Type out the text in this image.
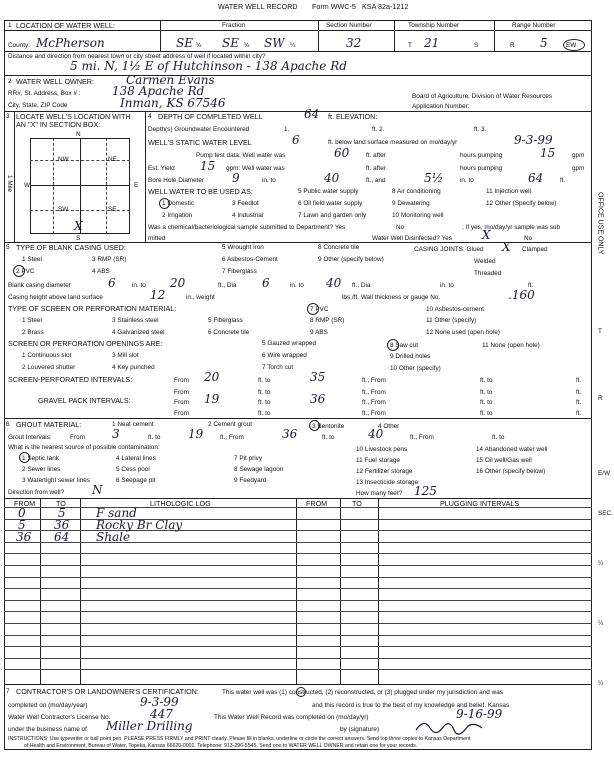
WATER WELL RECORD Form WWC-5 KSA 82a-1212
1 LOCATION OF WATER WELL:	Fraction	Section Number	Township Number	Range Number
County: McPherson	SE ¼ SE ¼ SW ¼	32	T 21	S	R 5	EW
Distance and direction from nearest town or city street address of well if located within city?
5 mi. N, 1½ E of Hutchinson - 138 Apache Rd
2 WATER WELL OWNER:	Carmen Evans
RR#, St. Address, Box # :	138 Apache Rd	Board of Agriculture, Division of Water Resources
City, State, ZIP Code	Inman, KS 67546	Application Number:
3 LOCATE WELL'S LOCATION WITH
AN "X" IN SECTION BOX:
N
NW	NE
SW	SE
W	E
S
1 Mile
X
4 DEPTH OF COMPLETED WELL	64 ft. ELEVATION:
Depth(s) Groundwater Encountered	1.	ft. 2.	ft. 3.
WELL'S STATIC WATER LEVEL	6	ft. below land surface measured on mo/day/yr	9-3-99
Pump test data: Well water was	60	ft. after	hours pumping	15	gpm
Est. Yield 15 gpm: Well water was	ft. after	hours pumping	gpm
Bore Hole Diameter 9	in. to	40	ft., and	5½	in. to	64	ft.
WELL WATER TO BE USED AS:
1 Domestic	3 Feedlot
5 Public water supply	8 Air conditioning	11 Injection well
2 Irrigation	4 Industrial
6 Oil field water supply	9 Dewatering	12 Other (Specify below)
7 Lawn and garden only	10 Monitoring well
Was a chemical/bacteriological sample submitted to Department? Yes	No	; If yes, mo/day/yr sample was sub
mitted	Water Well Disinfected? Yes	X	No
5 TYPE OF BLANK CASING USED:
1 Steel	3 RMP (SR)
5 Wrought iron
6 Asbestos-Cement
8 Concrete tile
9 Other (specify below)
2 PVC	4 ABS	7 Fiberglass
CASING JOINTS: Glued X Clamped
Welded
Threaded
Blank casing diameter	6	in. to 20	ft., Dia 6	in. to 40 ft., Dia	in. to	ft.
Casing height above land surface	12	in., weight	lbs./ft. Wall thickness or gauge No.	.160
TYPE OF SCREEN OR PERFORATION MATERIAL:
1 Steel	3 Stainless steel	5 Fiberglass
7 PVC	10 Asbestos-cement
2 Brass	4 Galvanized steel	6 Concrete tile
8 RMP (SR)
9 ABS
11 Other (specify)
12 None used (open hole)
SCREEN OR PERFORATION OPENINGS ARE:
1 Continuous slot	3 Mill slot
5 Gauzed wrapped
6 Wire wrapped
2 Louvered shutter	4 Key punched	7 Torch cut
8 Saw cut
9 Drilled holes
10 Other (specify)
11 None (open hole)
SCREEN-PERFORATED INTERVALS:	From 20	ft. to	35	ft., From	ft. to	ft.
From	ft. to	ft., From	ft. to	ft.
GRAVEL PACK INTERVALS:	From 19	ft. to	36	ft., From	ft. to	ft.
From	ft. to	ft., From	ft. to	ft.
6 GROUT MATERIAL:	1 Neat cement	2 Cement grout	3 Bentonite	4 Other
Grout Intervals:	From 3	ft. to 19	ft., From	36	ft. to	40	ft., From	ft. to
What is the nearest source of possible contamination:
1 Septic tank	4 Lateral lines	7 Pit privy
10 Livestock pens	14 Abandoned water well
2 Sewer lines	5 Cess pool	8 Sewage lagoon
11 Fuel storage	15 Oil well/Gas well
3 Watertight sewer lines	6 Seepage pit	9 Feedyard
12 Fertilizer storage	16 Other (specify below)
13 Insecticide storage
Direction from well? N	How many feet? 125
FROM	TO	LITHOLOGIC LOG	FROM	TO	PLUGGING INTERVALS
0	5	F sand
5 36 Rocky Br Clay
36 64 Shale
7 CONTRACTOR'S OR LANDOWNER'S CERTIFICATION:	This water well was (1) constructed, (2) reconstructed, or (3) plugged under my jurisdiction and was
completed on (mo/day/year)	9-3-99	and this record is true to the best of my knowledge and belief. Kansas
Water Well Contractor's License No.	447	This Water Well Record was completed on (mo/day/yr)	9-16-99
under the business name of Miller Drilling	by (signature)
INSTRUCTIONS: Use typewriter or ball point pen. PLEASE PRESS FIRMLY and PRINT clearly. Please fill in blanks, underline or circle the correct answers. Send top three copies to Kansas Department
of Health and Environment, Bureau of Water, Topeka, Kansas 66620-0001. Telephone: 913-296-5545. Send one to WATER WELL OWNER and retain one for your records.
OFFICE USE ONLY
T
R
E/W
SEC.
¼
¼
¼
